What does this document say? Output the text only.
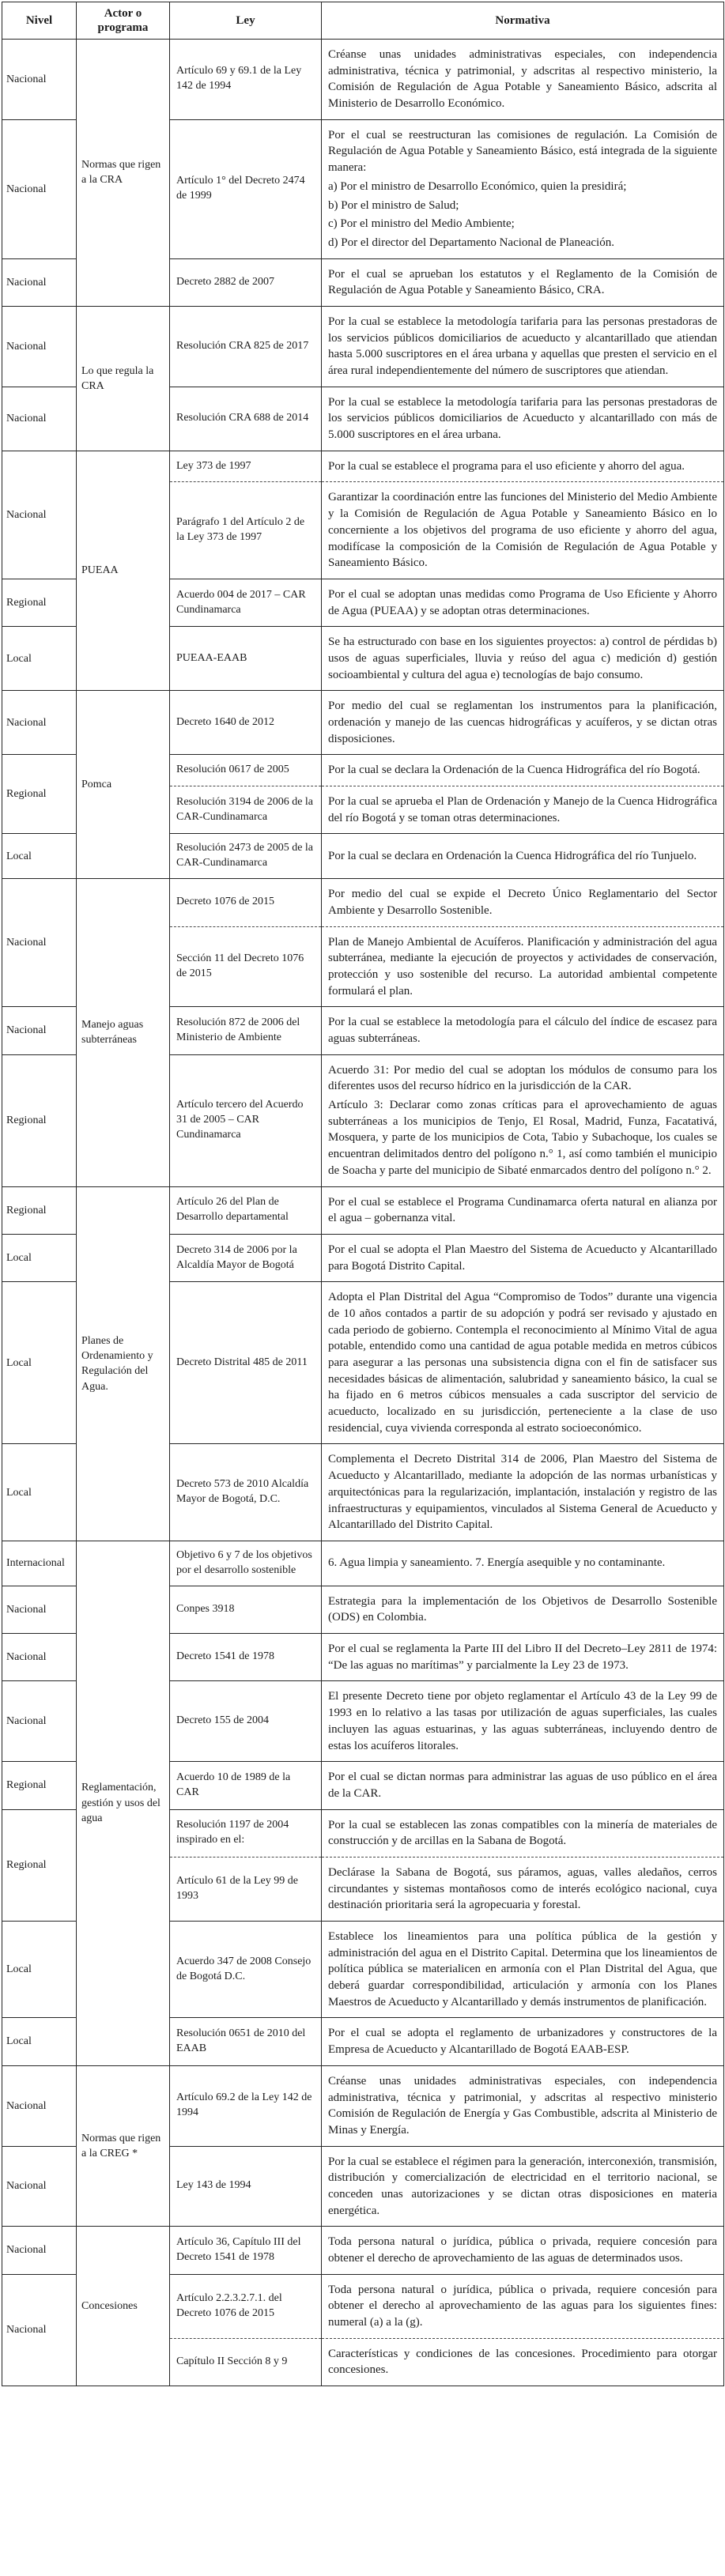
Nivel	Actor o programa	Ley	Normativa
Nacional	Normas que rigen a la CRA	Artículo 69 y 69.1 de la Ley 142 de 1994	Créanse unas unidades administrativas especiales, con independencia administrativa, técnica y patrimonial, y adscritas al respectivo ministerio, la Comisión de Regulación de Agua Potable y Saneamiento Básico, adscrita al Ministerio de Desarrollo Económico.

Nacional		Artículo 1° del Decreto 2474 de 1999	Por el cual se reestructuran las comisiones de regulación. La Comisión de Regulación de Agua Potable y Saneamiento Básico, está integrada de la siguiente manera:
a) Por el ministro de Desarrollo Económico, quien la presidirá;
b) Por el ministro de Salud;
c) Por el ministro del Medio Ambiente;
d) Por el director del Departamento Nacional de Planeación.

Nacional		Decreto 2882 de 2007	Por el cual se aprueban los estatutos y el Reglamento de la Comisión de Regulación de Agua Potable y Saneamiento Básico, CRA.

Nacional	Lo que regula la CRA	Resolución CRA 825 de 2017	Por la cual se establece la metodología tarifaria para las personas prestadoras de los servicios públicos domiciliarios de acueducto y alcantarillado que atiendan hasta 5.000 suscriptores en el área urbana y aquellas que presten el servicio en el área rural independientemente del número de suscriptores que atiendan.

Nacional		Resolución CRA 688 de 2014	Por la cual se establece la metodología tarifaria para las personas prestadoras de los servicios públicos domiciliarios de Acueducto y alcantarillado con más de 5.000 suscriptores en el área urbana.

Nacional	PUEAA	Ley 373 de 1997	Por la cual se establece el programa para el uso eficiente y ahorro del agua.

		Parágrafo 1 del Artículo 2 de la Ley 373 de 1997	Garantizar la coordinación entre las funciones del Ministerio del Medio Ambiente y la Comisión de Regulación de Agua Potable y Saneamiento Básico en lo concerniente a los objetivos del programa de uso eficiente y ahorro del agua, modifícase la composición de la Comisión de Regulación de Agua Potable y Saneamiento Básico.

Regional		Acuerdo 004 de 2017 – CAR Cundinamarca	Por el cual se adoptan unas medidas como Programa de Uso Eficiente y Ahorro de Agua (PUEAA) y se adoptan otras determinaciones.

Local		PUEAA-EAAB	Se ha estructurado con base en los siguientes proyectos: a) control de pérdidas b) usos de aguas superficiales, lluvia y reúso del agua c) medición d) gestión socioambiental y cultura del agua e) tecnologías de bajo consumo.

Nacional	Pomca	Decreto 1640 de 2012	Por medio del cual se reglamentan los instrumentos para la planificación, ordenación y manejo de las cuencas hidrográficas y acuíferos, y se dictan otras disposiciones.

Regional		Resolución 0617 de 2005	Por la cual se declara la Ordenación de la Cuenca Hidrográfica del río Bogotá.

		Resolución 3194 de 2006 de la CAR-Cundinamarca	Por la cual se aprueba el Plan de Ordenación y Manejo de la Cuenca Hidrográfica del río Bogotá y se toman otras determinaciones.

Local		Resolución 2473 de 2005 de la CAR-Cundinamarca	Por la cual se declara en Ordenación la Cuenca Hidrográfica del río Tunjuelo.

Nacional	Manejo aguas subterráneas	Decreto 1076 de 2015	Por medio del cual se expide el Decreto Único Reglamentario del Sector Ambiente y Desarrollo Sostenible.

		Sección 11 del Decreto 1076 de 2015	Plan de Manejo Ambiental de Acuíferos. Planificación y administración del agua subterránea, mediante la ejecución de proyectos y actividades de conservación, protección y uso sostenible del recurso. La autoridad ambiental competente formulará el plan.

Nacional		Resolución 872 de 2006 del Ministerio de Ambiente	Por la cual se establece la metodología para el cálculo del índice de escasez para aguas subterráneas.

Regional		Artículo tercero del Acuerdo 31 de 2005 – CAR Cundinamarca	Acuerdo 31: Por medio del cual se adoptan los módulos de consumo para los diferentes usos del recurso hídrico en la jurisdicción de la CAR.
Artículo 3: Declarar como zonas críticas para el aprovechamiento de aguas subterráneas a los municipios de Tenjo, El Rosal, Madrid, Funza, Facatativá, Mosquera, y parte de los municipios de Cota, Tabio y Subachoque, los cuales se encuentran delimitados dentro del polígono n.° 1, así como también el municipio de Soacha y parte del municipio de Sibaté enmarcados dentro del polígono n.° 2.

Regional	Planes de Ordenamiento y Regulación del Agua.	Artículo 26 del Plan de Desarrollo departamental	Por el cual se establece el Programa Cundinamarca oferta natural en alianza por el agua – gobernanza vital.

Local		Decreto 314 de 2006 por la Alcaldía Mayor de Bogotá	Por el cual se adopta el Plan Maestro del Sistema de Acueducto y Alcantarillado para Bogotá Distrito Capital.

Local		Decreto Distrital 485 de 2011	Adopta el Plan Distrital del Agua “Compromiso de Todos” durante una vigencia de 10 años contados a partir de su adopción y podrá ser revisado y ajustado en cada periodo de gobierno. Contempla el reconocimiento al Mínimo Vital de agua potable, entendido como una cantidad de agua potable medida en metros cúbicos para asegurar a las personas una subsistencia digna con el fin de satisfacer sus necesidades básicas de alimentación, salubridad y saneamiento básico, la cual se ha fijado en 6 metros cúbicos mensuales a cada suscriptor del servicio de acueducto, localizado en su jurisdicción, perteneciente a la clase de uso residencial, cuya vivienda corresponda al estrato socioeconómico.

Local		Decreto 573 de 2010 Alcaldía Mayor de Bogotá, D.C.	Complementa el Decreto Distrital 314 de 2006, Plan Maestro del Sistema de Acueducto y Alcantarillado, mediante la adopción de las normas urbanísticas y arquitectónicas para la regularización, implantación, instalación y registro de las infraestructuras y equipamientos, vinculados al Sistema General de Acueducto y Alcantarillado del Distrito Capital.

Internacional	Reglamentación, gestión y usos del agua	Objetivo 6 y 7 de los objetivos por el desarrollo sostenible	6. Agua limpia y saneamiento. 7. Energía asequible y no contaminante.

Nacional		Conpes 3918	Estrategia para la implementación de los Objetivos de Desarrollo Sostenible (ODS) en Colombia.

Nacional		Decreto 1541 de 1978	Por el cual se reglamenta la Parte III del Libro II del Decreto–Ley 2811 de 1974: “De las aguas no marítimas” y parcialmente la Ley 23 de 1973.

Nacional		Decreto 155 de 2004	El presente Decreto tiene por objeto reglamentar el Artículo 43 de la Ley 99 de 1993 en lo relativo a las tasas por utilización de aguas superficiales, las cuales incluyen las aguas estuarinas, y las aguas subterráneas, incluyendo dentro de estas los acuíferos litorales.

Regional		Acuerdo 10 de 1989 de la CAR	Por el cual se dictan normas para administrar las aguas de uso público en el área de la CAR.

Regional		Resolución 1197 de 2004 inspirado en el:	Por la cual se establecen las zonas compatibles con la minería de materiales de construcción y de arcillas en la Sabana de Bogotá.

		Artículo 61 de la Ley 99 de 1993	Declárase la Sabana de Bogotá, sus páramos, aguas, valles aledaños, cerros circundantes y sistemas montañosos como de interés ecológico nacional, cuya destinación prioritaria será la agropecuaria y forestal.

Local		Acuerdo 347 de 2008 Consejo de Bogotá D.C.	Establece los lineamientos para una política pública de la gestión y administración del agua en el Distrito Capital. Determina que los lineamientos de política pública se materialicen en armonía con el Plan Distrital del Agua, que deberá guardar correspondibilidad, articulación y armonía con los Planes Maestros de Acueducto y Alcantarillado y demás instrumentos de planificación.

Local		Resolución 0651 de 2010 del EAAB	Por el cual se adopta el reglamento de urbanizadores y constructores de la Empresa de Acueducto y Alcantarillado de Bogotá EAAB-ESP.

Nacional	Normas que rigen a la CREG *	Artículo 69.2 de la Ley 142 de 1994	Créanse unas unidades administrativas especiales, con independencia administrativa, técnica y patrimonial, y adscritas al respectivo ministerio Comisión de Regulación de Energía y Gas Combustible, adscrita al Ministerio de Minas y Energía.

Nacional		Ley 143 de 1994	Por la cual se establece el régimen para la generación, interconexión, transmisión, distribución y comercialización de electricidad en el territorio nacional, se conceden unas autorizaciones y se dictan otras disposiciones en materia energética.

Nacional	Concesiones	Artículo 36, Capítulo III del Decreto 1541 de 1978	Toda persona natural o jurídica, pública o privada, requiere concesión para obtener el derecho de aprovechamiento de las aguas de determinados usos.

Nacional		Artículo 2.2.3.2.7.1. del Decreto 1076 de 2015	Toda persona natural o jurídica, pública o privada, requiere concesión para obtener el derecho al aprovechamiento de las aguas para los siguientes fines: numeral (a) a la (g).

		Capítulo II Sección 8 y 9	Características y condiciones de las concesiones. Procedimiento para otorgar concesiones.
